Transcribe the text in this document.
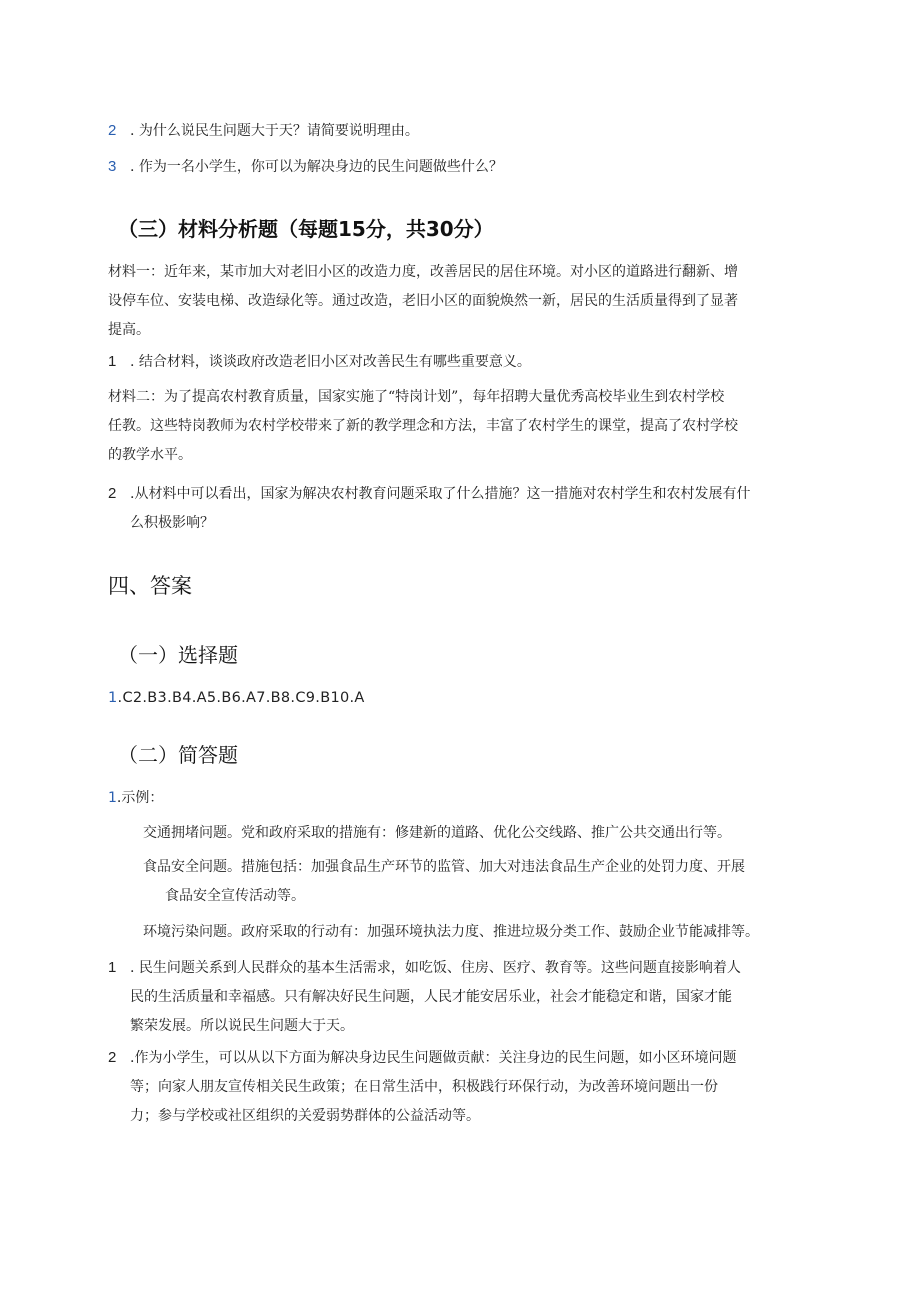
2 . 为什么说民生问题大于天？请简要说明理由。
3 . 作为一名小学生，你可以为解决身边的民生问题做些什么？
（三）材料分析题（每题15分，共30分）
材料一：近年来，某市加大对老旧小区的改造力度，改善居民的居住环境。对小区的道路进行翻新、增
设停车位、安装电梯、改造绿化等。通过改造，老旧小区的面貌焕然一新，居民的生活质量得到了显著
提高。
1 . 结合材料，谈谈政府改造老旧小区对改善民生有哪些重要意义。
材料二：为了提高农村教育质量，国家实施了“特岗计划”，每年招聘大量优秀高校毕业生到农村学校
任教。这些特岗教师为农村学校带来了新的教学理念和方法，丰富了农村学生的课堂，提高了农村学校
的教学水平。
2 .从材料中可以看出，国家为解决农村教育问题采取了什么措施？这一措施对农村学生和农村发展有什
么积极影响？
四、答案
（一）选择题
1.C2.B3.B4.A5.B6.A7.B8.C9.B10.A
（二）简答题
1.示例：
交通拥堵问题。党和政府采取的措施有：修建新的道路、优化公交线路、推广公共交通出行等。
食品安全问题。措施包括：加强食品生产环节的监管、加大对违法食品生产企业的处罚力度、开展
食品安全宣传活动等。
环境污染问题。政府采取的行动有：加强环境执法力度、推进垃圾分类工作、鼓励企业节能减排等。
1 . 民生问题关系到人民群众的基本生活需求，如吃饭、住房、医疗、教育等。这些问题直接影响着人
民的生活质量和幸福感。只有解决好民生问题，人民才能安居乐业，社会才能稳定和谐，国家才能
繁荣发展。所以说民生问题大于天。
2 .作为小学生，可以从以下方面为解决身边民生问题做贡献：关注身边的民生问题，如小区环境问题
等；向家人朋友宣传相关民生政策；在日常生活中，积极践行环保行动，为改善环境问题出一份
力；参与学校或社区组织的关爱弱势群体的公益活动等。
